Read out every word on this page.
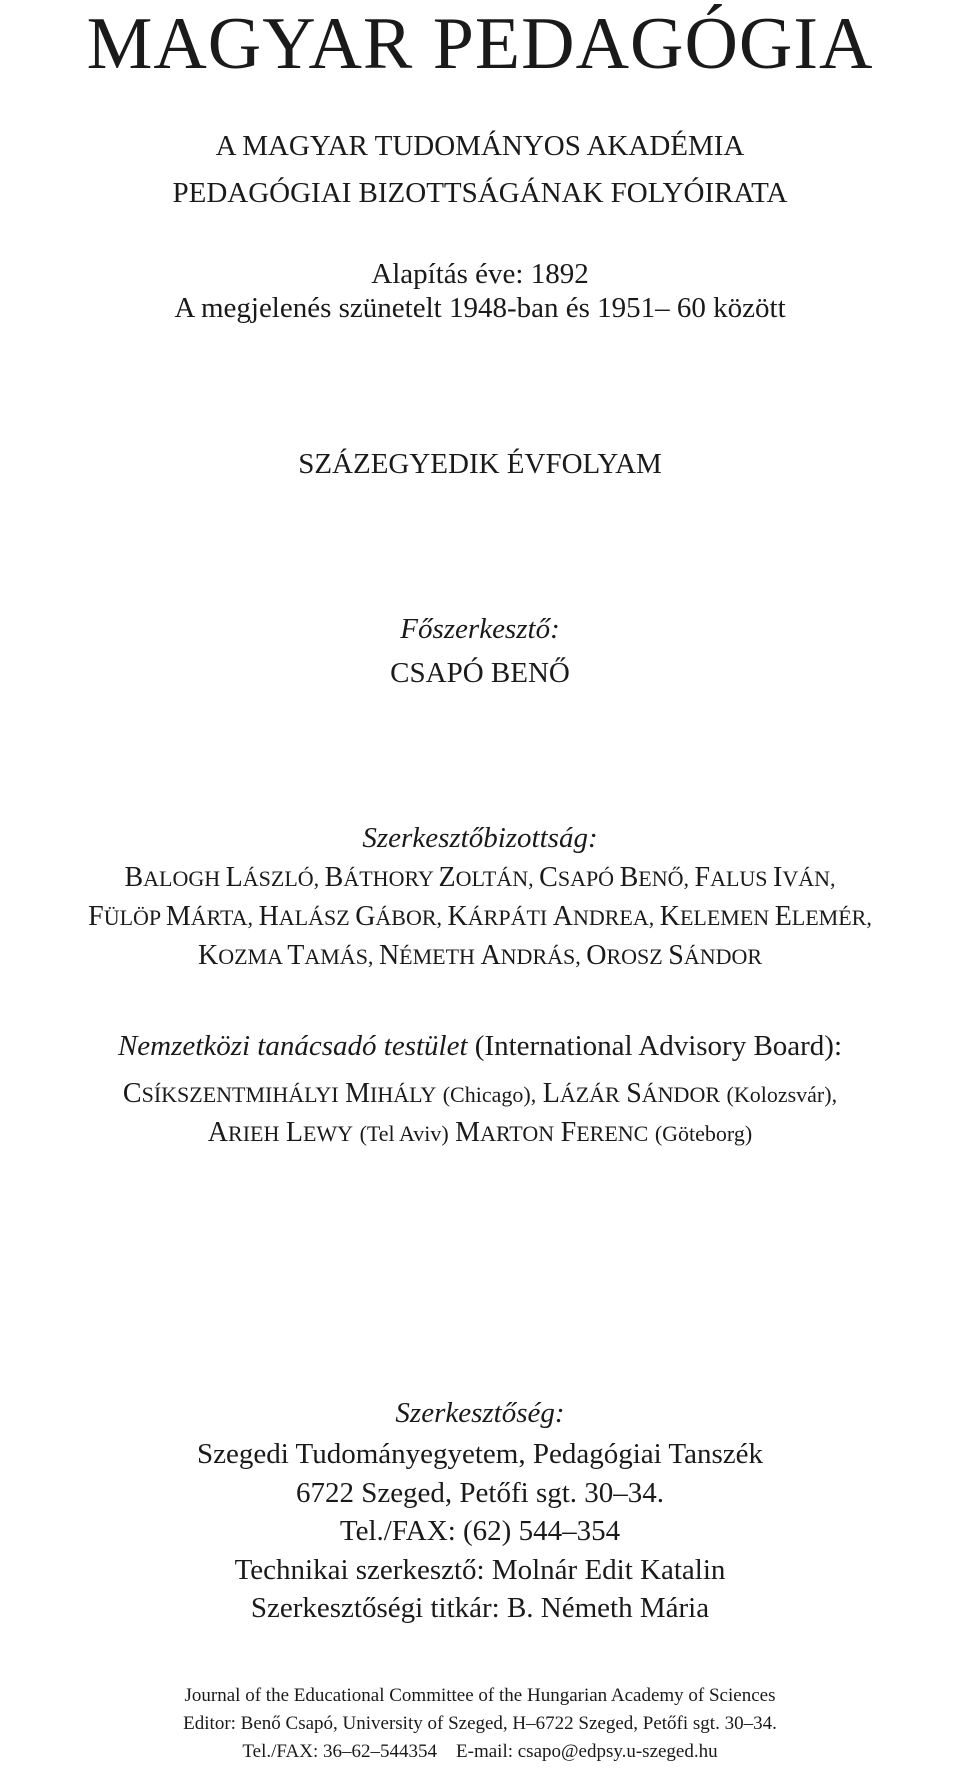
MAGYAR PEDAGÓGIA
A MAGYAR TUDOMÁNYOS AKADÉMIA
PEDAGÓGIAI BIZOTTSÁGÁNAK FOLYÓIRATA
Alapítás éve: 1892
A megjelenés szünetelt 1948-ban és 1951– 60 között
SZÁZEGYEDIK ÉVFOLYAM
Főszerkesztő:
CSAPÓ BENŐ
Szerkesztőbizottság:
BALOGH LÁSZLÓ, BÁTHORY ZOLTÁN, CSAPÓ BENŐ, FALUS IVÁN,
FÜLÖP MÁRTA, HALÁSZ GÁBOR, KÁRPÁTI ANDREA, KELEMEN ELEMÉR,
KOZMA TAMÁS, NÉMETH ANDRÁS, OROSZ SÁNDOR
Nemzetközi tanácsadó testület (International Advisory Board):
CSÍKSZENTMIHÁLYI MIHÁLY (Chicago), LÁZÁR SÁNDOR (Kolozsvár),
ARIEH LEWY (Tel Aviv) MARTON FERENC (Göteborg)
Szerkesztőség:
Szegedi Tudományegyetem, Pedagógiai Tanszék
6722 Szeged, Petőfi sgt. 30–34.
Tel./FAX: (62) 544–354
Technikai szerkesztő: Molnár Edit Katalin
Szerkesztőségi titkár: B. Németh Mária
Journal of the Educational Committee of the Hungarian Academy of Sciences
Editor: Benő Csapó, University of Szeged, H–6722 Szeged, Petőfi sgt. 30–34.
Tel./FAX: 36–62–544354 E-mail: csapo@edpsy.u-szeged.hu
